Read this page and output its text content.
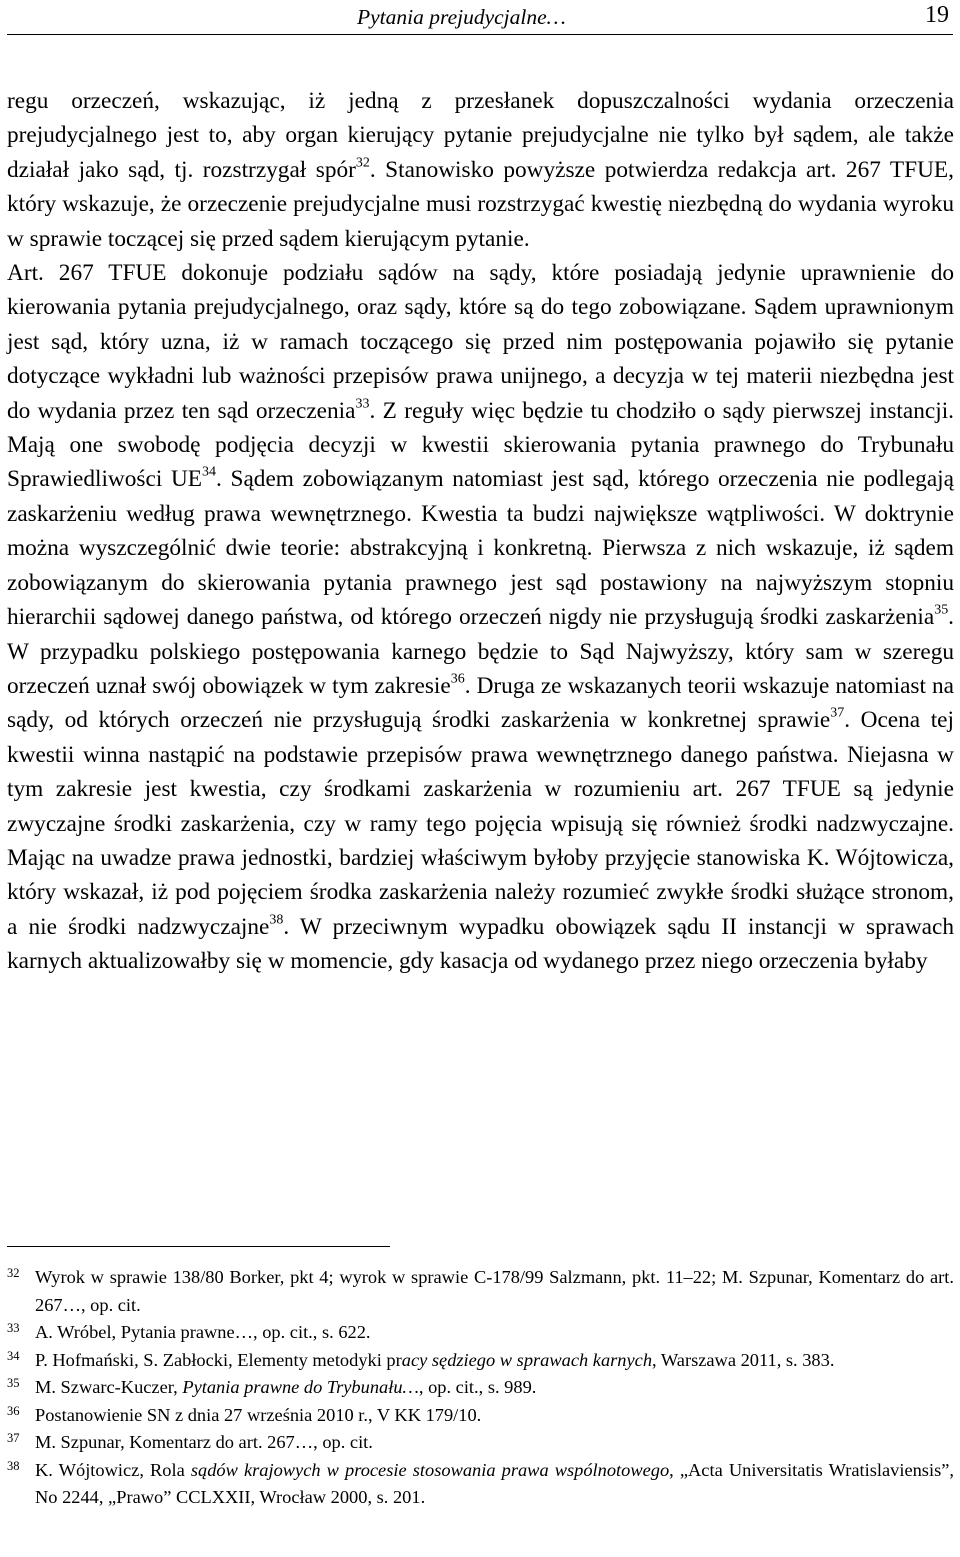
Pytania prejudycjalne…	19

regu orzeczeń, wskazując, iż jedną z przesłanek dopuszczalności wydania orzeczenia prejudycjalnego jest to, aby organ kierujący pytanie prejudycjalne nie tylko był sądem, ale także działał jako sąd, tj. rozstrzygał spór$^{32}$. Stanowisko powyższe potwierdza redakcja art. 267 TFUE, który wskazuje, że orzeczenie prejudycjalne musi rozstrzygać kwestię niezbędną do wydania wyroku w sprawie toczącej się przed sądem kierującym pytanie.

Art. 267 TFUE dokonuje podziału sądów na sądy, które posiadają jedynie uprawnienie do kierowania pytania prejudycjalnego, oraz sądy, które są do tego zobowiązane. Sądem uprawnionym jest sąd, który uzna, iż w ramach toczącego się przed nim postępowania pojawiło się pytanie dotyczące wykładni lub ważności przepisów prawa unijnego, a decyzja w tej materii niezbędna jest do wydania przez ten sąd orzeczenia$^{33}$. Z reguły więc będzie tu chodziło o sądy pierwszej instancji. Mają one swobodę podjęcia decyzji w kwestii skierowania pytania prawnego do Trybunału Sprawiedliwości UE$^{34}$. Sądem zobowiązanym natomiast jest sąd, którego orzeczenia nie podlegają zaskarżeniu według prawa wewnętrznego. Kwestia ta budzi największe wątpliwości. W doktrynie można wyszczególnić dwie teorie: abstrakcyjną i konkretną. Pierwsza z nich wskazuje, iż sądem zobowiązanym do skierowania pytania prawnego jest sąd postawiony na najwyższym stopniu hierarchii sądowej danego państwa, od którego orzeczeń nigdy nie przysługują środki zaskarżenia$^{35}$. W przypadku polskiego postępowania karnego będzie to Sąd Najwyższy, który sam w szeregu orzeczeń uznał swój obowiązek w tym zakresie$^{36}$. Druga ze wskazanych teorii wskazuje natomiast na sądy, od których orzeczeń nie przysługują środki zaskarżenia w konkretnej sprawie$^{37}$. Ocena tej kwestii winna nastąpić na podstawie przepisów prawa wewnętrznego danego państwa. Niejasna w tym zakresie jest kwestia, czy środkami zaskarżenia w rozumieniu art. 267 TFUE są jedynie zwyczajne środki zaskarżenia, czy w ramy tego pojęcia wpisują się również środki nadzwyczajne. Mając na uwadze prawa jednostki, bardziej właściwym byłoby przyjęcie stanowiska K. Wójtowicza, który wskazał, iż pod pojęciem środka zaskarżenia należy rozumieć zwykłe środki służące stronom, a nie środki nadzwyczajne$^{38}$. W przeciwnym wypadku obowiązek sądu II instancji w sprawach karnych aktualizowałby się w momencie, gdy kasacja od wydanego przez niego orzeczenia byłaby

32 Wyrok w sprawie 138/80 Borker, pkt 4; wyrok w sprawie C-178/99 Salzmann, pkt. 11–22; M. Szpunar, Komentarz do art. 267…, op. cit.
33 A. Wróbel, Pytania prawne…, op. cit., s. 622.
34 P. Hofmański, S. Zabłocki, Elementy metodyki pracy sędziego w sprawach karnych, Warszawa 2011, s. 383.
35 M. Szwarc-Kuczer, Pytania prawne do Trybunału…, op. cit., s. 989.
36 Postanowienie SN z dnia 27 września 2010 r., V KK 179/10.
37 M. Szpunar, Komentarz do art. 267…, op. cit.
38 K. Wójtowicz, Rola sądów krajowych w procesie stosowania prawa wspólnotowego, „Acta Universitatis Wratislaviensis”, No 2244, „Prawo” CCLXXII, Wrocław 2000, s. 201.
